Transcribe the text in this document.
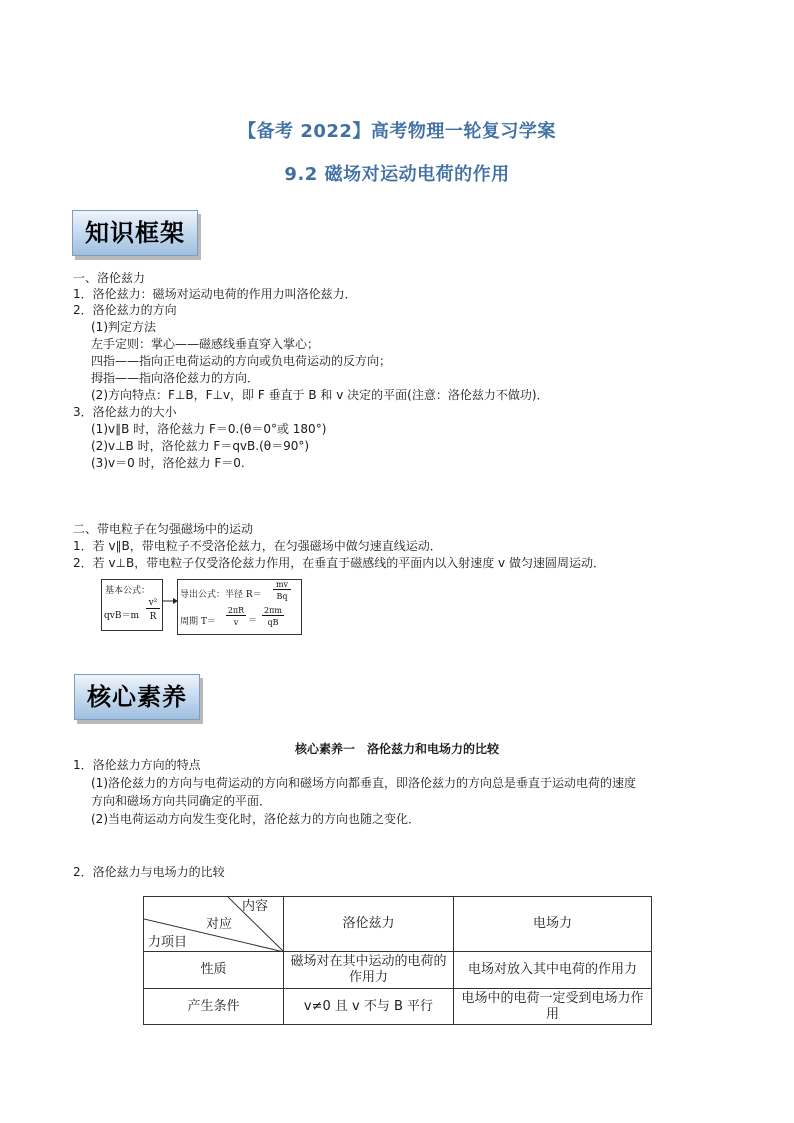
【备考 2022】高考物理一轮复习学案
9.2 磁场对运动电荷的作用
知识框架
一、洛伦兹力
1．洛伦兹力：磁场对运动电荷的作用力叫洛伦兹力．
2．洛伦兹力的方向
(1)判定方法
左手定则：掌心——磁感线垂直穿入掌心；
四指——指向正电荷运动的方向或负电荷运动的反方向；
拇指——指向洛伦兹力的方向．
(2)方向特点：F⊥B，F⊥v，即 F 垂直于 B 和 v 决定的平面(注意：洛伦兹力不做功)．
3．洛伦兹力的大小
(1)v∥B 时，洛伦兹力 F＝0.(θ＝0°或 180°)
(2)v⊥B 时，洛伦兹力 F＝qvB.(θ＝90°)
(3)v＝0 时，洛伦兹力 F＝0.
二、带电粒子在匀强磁场中的运动
1．若 v∥B，带电粒子不受洛伦兹力，在匀强磁场中做匀速直线运动．
2．若 v⊥B，带电粒子仅受洛伦兹力作用，在垂直于磁感线的平面内以入射速度 v 做匀速圆周运动．
基本公式：
qvB＝m
v²
R
导出公式：半径 R＝
mv
Bq
周期 T＝
2πR
v	＝
2πm
qB
核心素养
核心素养一　洛伦兹力和电场力的比较
1．洛伦兹力方向的特点
(1)洛伦兹力的方向与电荷运动的方向和磁场方向都垂直，即洛伦兹力的方向总是垂直于运动电荷的速度
方向和磁场方向共同确定的平面．
(2)当电荷运动方向发生变化时，洛伦兹力的方向也随之变化．
2．洛伦兹力与电场力的比较
内容
对应
力项目	洛伦兹力	电场力
性质	磁场对在其中运动的电荷的作用力	电场对放入其中电荷的作用力
产生条件	v≠0 且 v 不与 B 平行	电场中的电荷一定受到电场力作用
